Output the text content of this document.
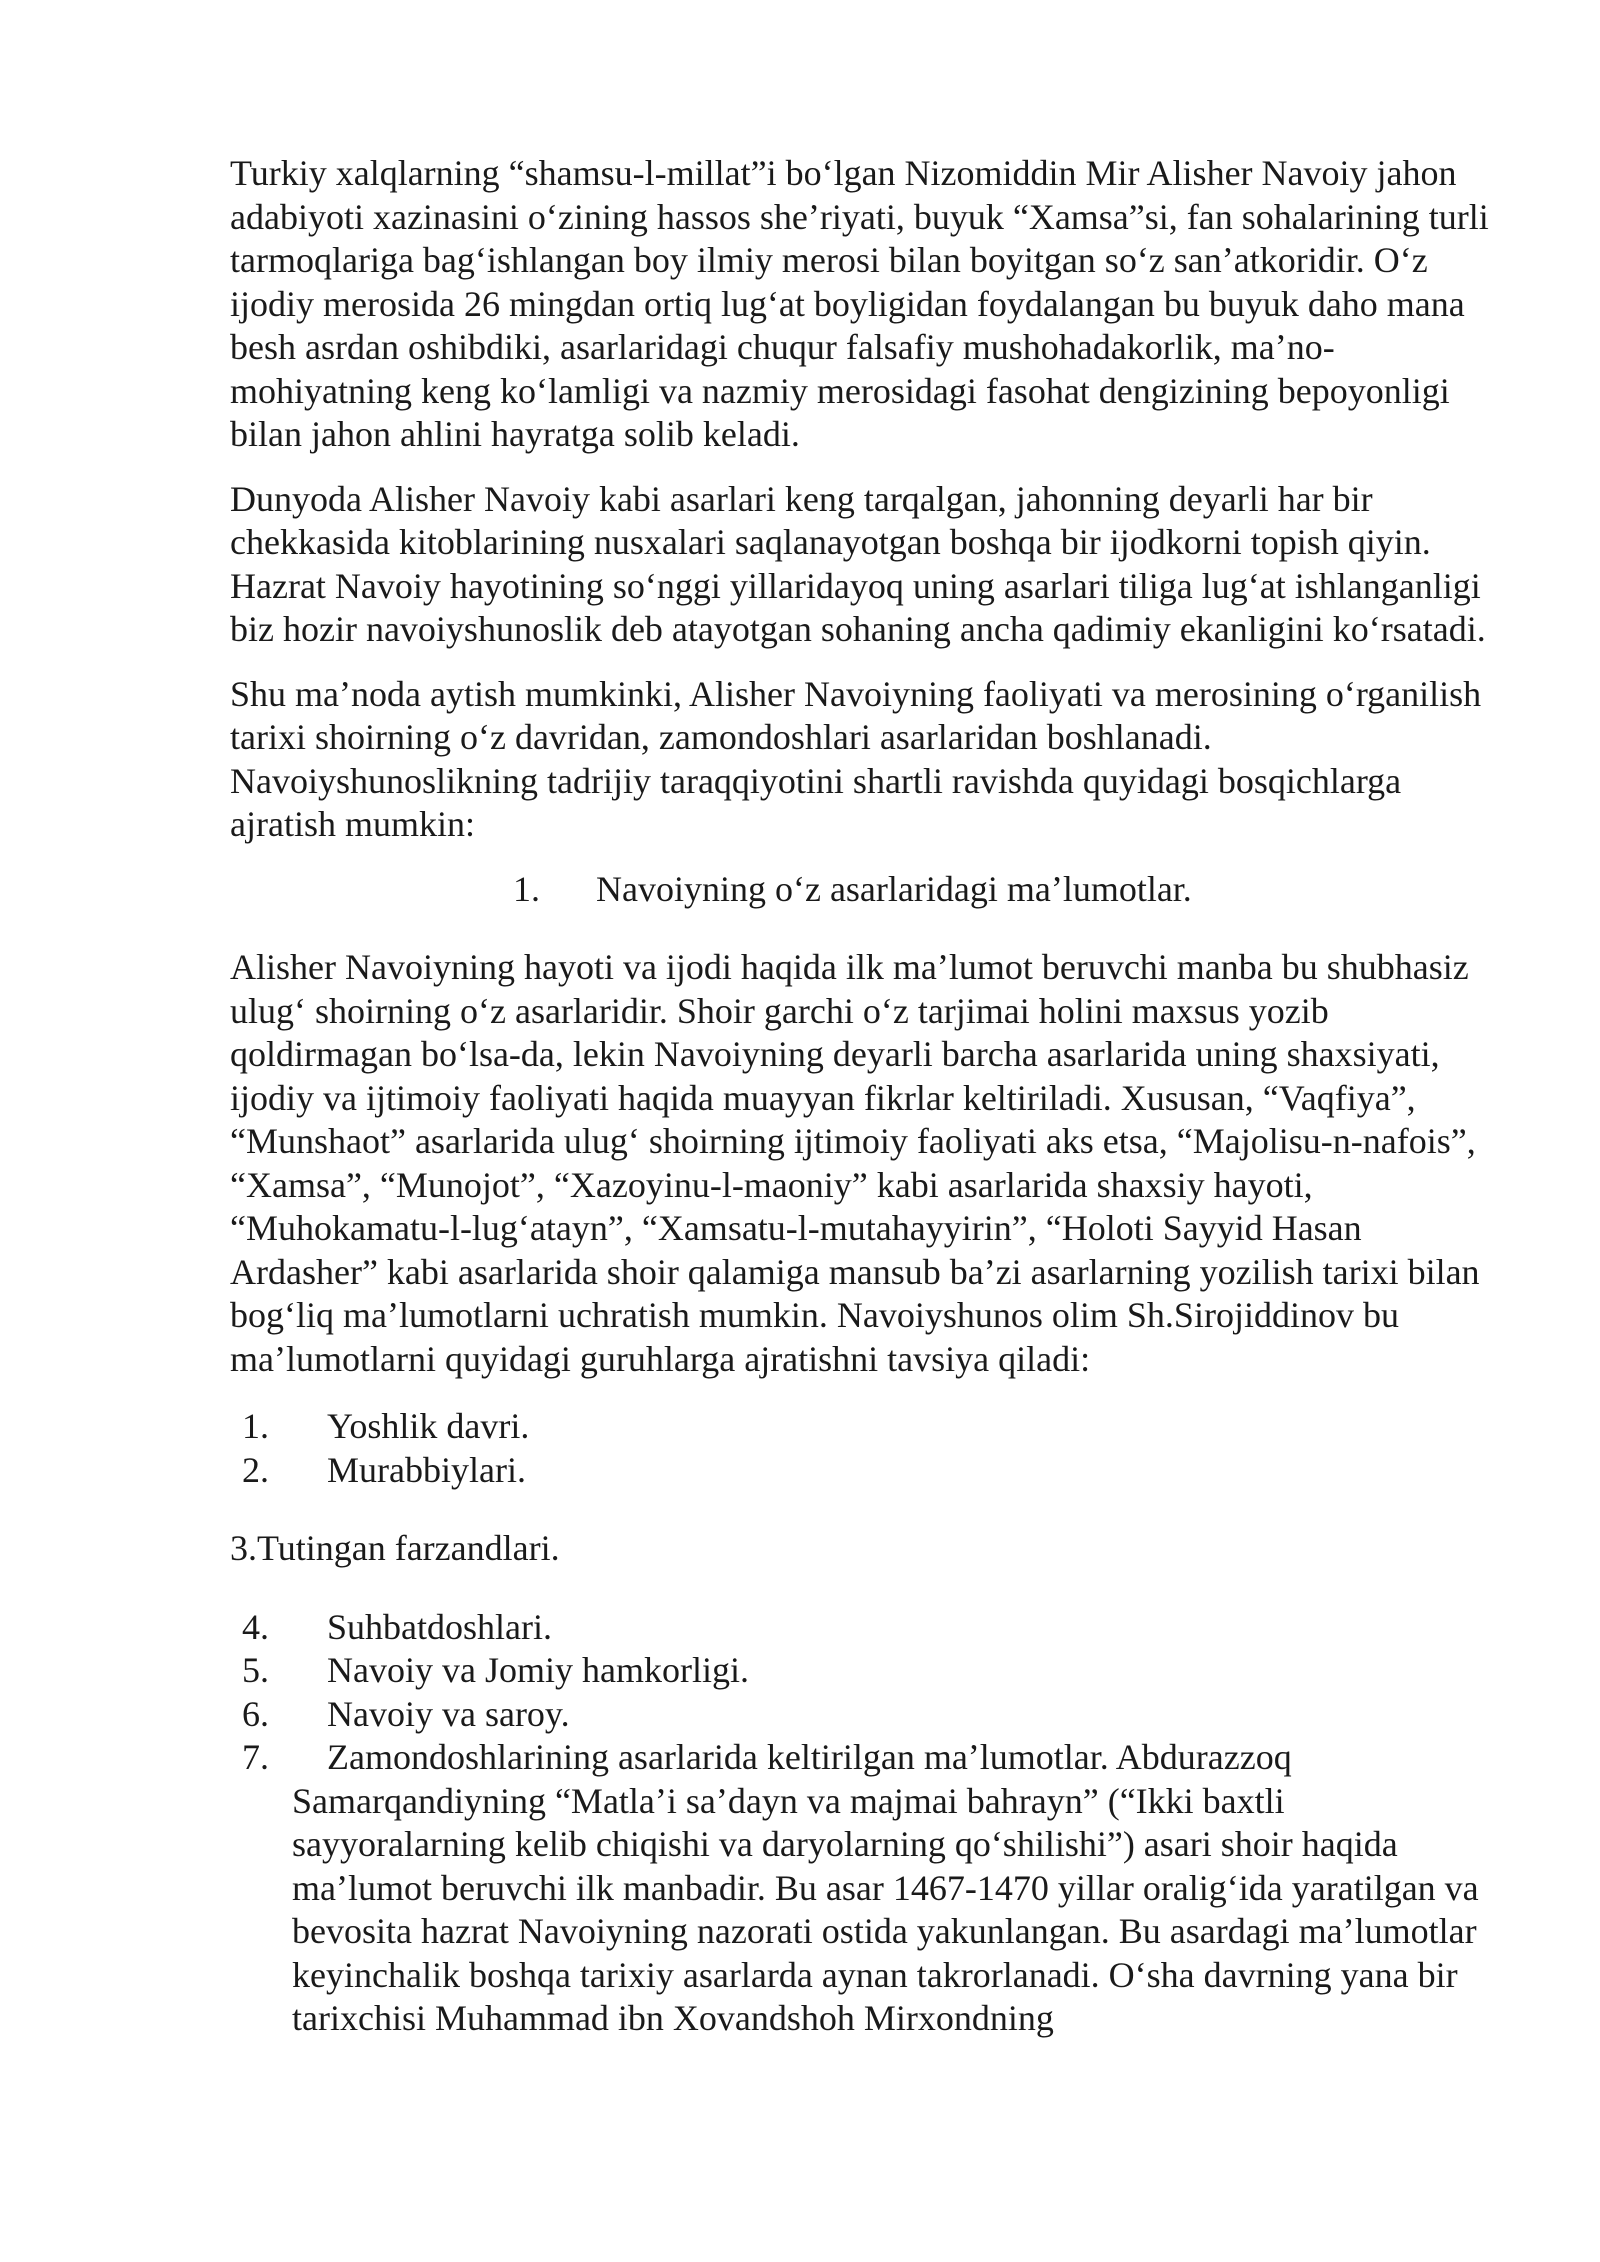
Turkiy xalqlarning “shamsu-l-millat”i boʻlgan Nizomiddin Mir Alisher Navoiy jahon adabiyoti xazinasini oʻzining hassos sheʼriyati, buyuk “Xamsa”si, fan sohalarining turli tarmoqlariga bagʻishlangan boy ilmiy merosi bilan boyitgan soʻz sanʼatkoridir. Oʻz ijodiy merosida 26 mingdan ortiq lugʻat boyligidan foydalangan bu buyuk daho mana besh asrdan oshibdiki, asarlaridagi chuqur falsafiy mushohadakorlik, maʼno-mohiyatning keng koʻlamligi va nazmiy merosidagi fasohat dengizining bepoyonligi bilan jahon ahlini hayratga solib keladi.

Dunyoda Alisher Navoiy kabi asarlari keng tarqalgan, jahonning deyarli har bir chekkasida kitoblarining nusxalari saqlanayotgan boshqa bir ijodkorni topish qiyin. Hazrat Navoiy hayotining soʻnggi yillaridayoq uning asarlari tiliga lugʻat ishlanganligi biz hozir navoiyshunoslik deb atayotgan sohaning ancha qadimiy ekanligini koʻrsatadi.

Shu maʼnoda aytish mumkinki, Alisher Navoiyning faoliyati va merosining oʻrganilish tarixi shoirning oʻz davridan, zamondoshlari asarlaridan boshlanadi. Navoiyshunoslikning tadrijiy taraqqiyotini shartli ravishda quyidagi bosqichlarga ajratish mumkin:

1. Navoiyning oʻz asarlaridagi maʼlumotlar.

Alisher Navoiyning hayoti va ijodi haqida ilk maʼlumot beruvchi manba bu shubhasiz ulugʻ shoirning oʻz asarlaridir. Shoir garchi oʻz tarjimai holini maxsus yozib qoldirmagan boʻlsa-da, lekin Navoiyning deyarli barcha asarlarida uning shaxsiyati, ijodiy va ijtimoiy faoliyati haqida muayyan fikrlar keltiriladi. Xususan, “Vaqfiya”, “Munshaot” asarlarida ulugʻ shoirning ijtimoiy faoliyati aks etsa, “Majolisu-n-nafois”, “Xamsa”, “Munojot”, “Xazoyinu-l-maoniy” kabi asarlarida shaxsiy hayoti, “Muhokamatu-l-lugʻatayn”, “Xamsatu-l-mutahayyirin”, “Holoti Sayyid Hasan Ardasher” kabi asarlarida shoir qalamiga mansub baʼzi asarlarning yozilish tarixi bilan bogʻliq maʼlumotlarni uchratish mumkin. Navoiyshunos olim Sh.Sirojiddinov bu maʼlumotlarni quyidagi guruhlarga ajratishni tavsiya qiladi:

1. Yoshlik davri.
2. Murabbiylari.

3.Tutingan farzandlari.

4. Suhbatdoshlari.
5. Navoiy va Jomiy hamkorligi.
6. Navoiy va saroy.
7. Zamondoshlarining asarlarida keltirilgan maʼlumotlar. Abdurazzoq
Samarqandiyning “Matlaʼi saʼdayn va majmai bahrayn” (“Ikki baxtli sayyoralarning kelib chiqishi va daryolarning qoʻshilishi”) asari shoir haqida maʼlumot beruvchi ilk manbadir. Bu asar 1467-1470 yillar oraligʻida yaratilgan va bevosita hazrat Navoiyning nazorati ostida yakunlangan. Bu asardagi maʼlumotlar keyinchalik boshqa tarixiy asarlarda aynan takrorlanadi. Oʻsha davrning yana bir tarixchisi Muhammad ibn Xovandshoh Mirxondning
